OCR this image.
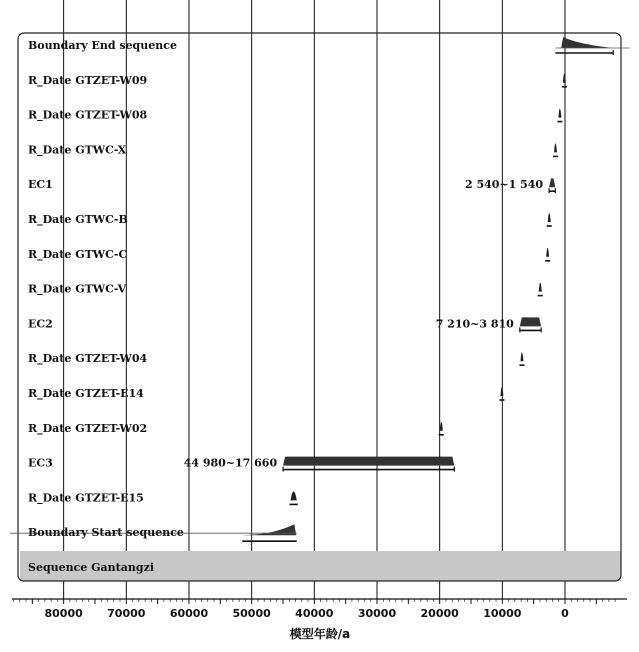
Boundary End sequence
R_Date GTZET-W09
R_Date GTZET-W08
R_Date GTWC-X
EC1
R_Date GTWC-B
R_Date GTWC-C
R_Date GTWC-V
EC2
R_Date GTZET-W04
R_Date GTZET-E14
R_Date GTZET-W02
EC3
R_Date GTZET-E15
Boundary Start sequence
Sequence Gantangzi
2 540~1 540
7 210~3 810
44 980~17 660
80000 70000 60000 50000 40000 30000 20000 10000	0
模型年龄/a
